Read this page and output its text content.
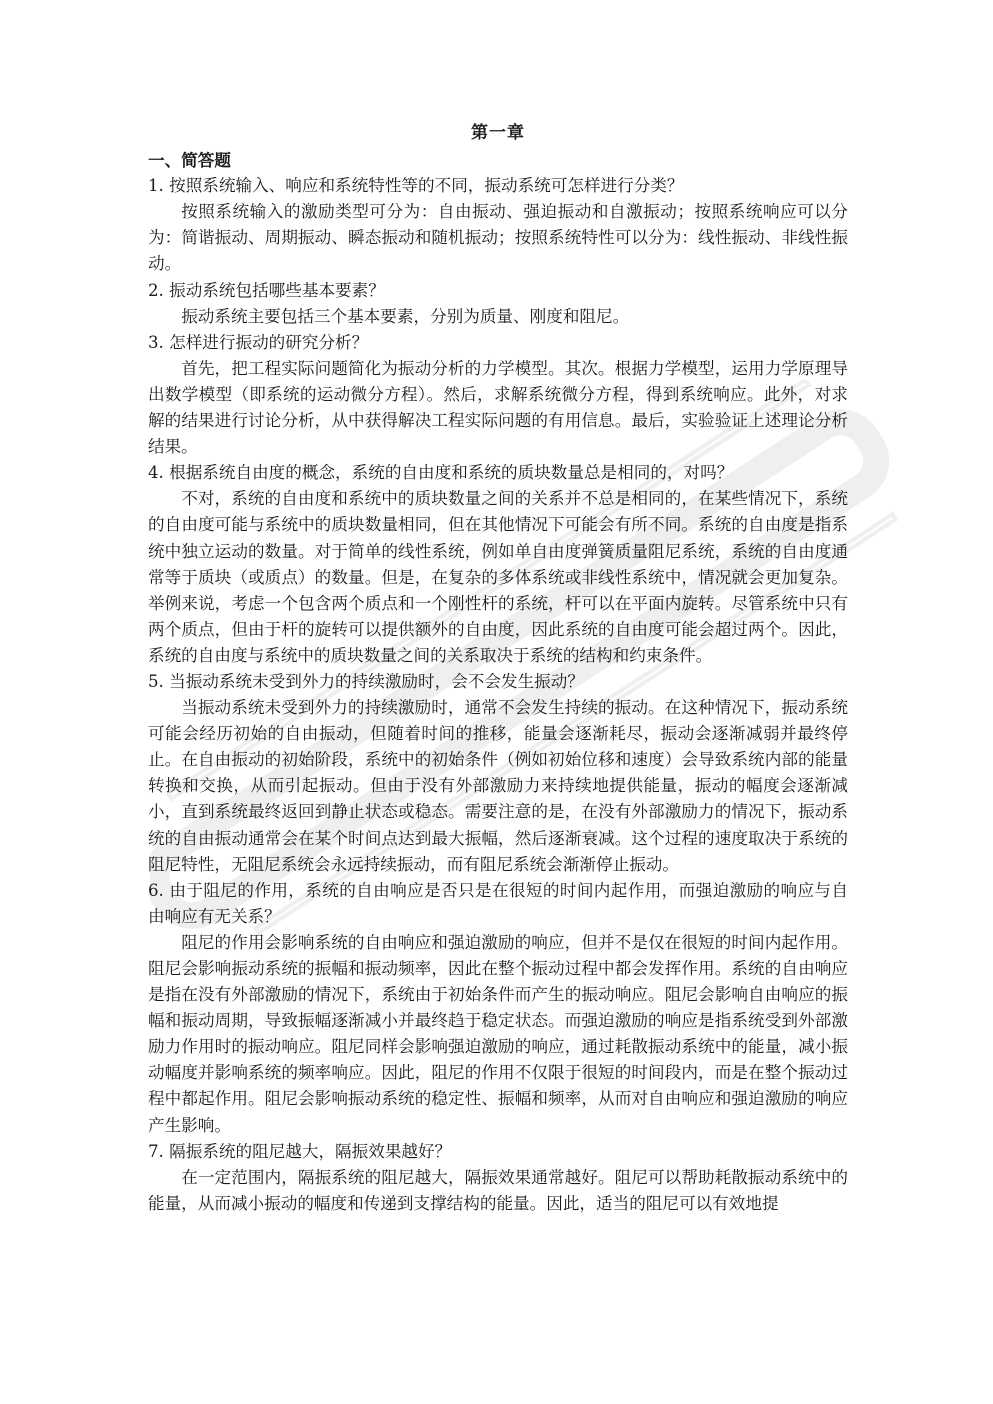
第一章
一、简答题
1. 按照系统输入、响应和系统特性等的不同，振动系统可怎样进行分类？
按照系统输入的激励类型可分为：自由振动、强迫振动和自激振动；按照系统响应可以分为：简谐振动、周期振动、瞬态振动和随机振动；按照系统特性可以分为：线性振动、非线性振动。
2. 振动系统包括哪些基本要素？
振动系统主要包括三个基本要素，分别为质量、刚度和阻尼。
3. 怎样进行振动的研究分析？
首先，把工程实际问题简化为振动分析的力学模型。其次。根据力学模型，运用力学原理导出数学模型（即系统的运动微分方程）。然后，求解系统微分方程，得到系统响应。此外，对求解的结果进行讨论分析，从中获得解决工程实际问题的有用信息。最后，实验验证上述理论分析结果。
4. 根据系统自由度的概念，系统的自由度和系统的质块数量总是相同的，对吗？
不对，系统的自由度和系统中的质块数量之间的关系并不总是相同的，在某些情况下，系统的自由度可能与系统中的质块数量相同，但在其他情况下可能会有所不同。系统的自由度是指系统中独立运动的数量。对于简单的线性系统，例如单自由度弹簧质量阻尼系统，系统的自由度通常等于质块（或质点）的数量。但是，在复杂的多体系统或非线性系统中，情况就会更加复杂。举例来说，考虑一个包含两个质点和一个刚性杆的系统，杆可以在平面内旋转。尽管系统中只有两个质点，但由于杆的旋转可以提供额外的自由度，因此系统的自由度可能会超过两个。因此，系统的自由度与系统中的质块数量之间的关系取决于系统的结构和约束条件。
5. 当振动系统未受到外力的持续激励时，会不会发生振动？
当振动系统未受到外力的持续激励时，通常不会发生持续的振动。在这种情况下，振动系统可能会经历初始的自由振动，但随着时间的推移，能量会逐渐耗尽，振动会逐渐减弱并最终停止。在自由振动的初始阶段，系统中的初始条件（例如初始位移和速度）会导致系统内部的能量转换和交换，从而引起振动。但由于没有外部激励力来持续地提供能量，振动的幅度会逐渐减小，直到系统最终返回到静止状态或稳态。需要注意的是，在没有外部激励力的情况下，振动系统的自由振动通常会在某个时间点达到最大振幅，然后逐渐衰减。这个过程的速度取决于系统的阻尼特性，无阻尼系统会永远持续振动，而有阻尼系统会渐渐停止振动。
6. 由于阻尼的作用，系统的自由响应是否只是在很短的时间内起作用，而强迫激励的响应与自由响应有无关系？
阻尼的作用会影响系统的自由响应和强迫激励的响应，但并不是仅在很短的时间内起作用。阻尼会影响振动系统的振幅和振动频率，因此在整个振动过程中都会发挥作用。系统的自由响应是指在没有外部激励的情况下，系统由于初始条件而产生的振动响应。阻尼会影响自由响应的振幅和振动周期，导致振幅逐渐减小并最终趋于稳定状态。而强迫激励的响应是指系统受到外部激励力作用时的振动响应。阻尼同样会影响强迫激励的响应，通过耗散振动系统中的能量，减小振动幅度并影响系统的频率响应。因此，阻尼的作用不仅限于很短的时间段内，而是在整个振动过程中都起作用。阻尼会影响振动系统的稳定性、振幅和频率，从而对自由响应和强迫激励的响应产生影响。
7. 隔振系统的阻尼越大，隔振效果越好？
在一定范围内，隔振系统的阻尼越大，隔振效果通常越好。阻尼可以帮助耗散振动系统中的能量，从而减小振动的幅度和传递到支撑结构的能量。因此，适当的阻尼可以有效地提
